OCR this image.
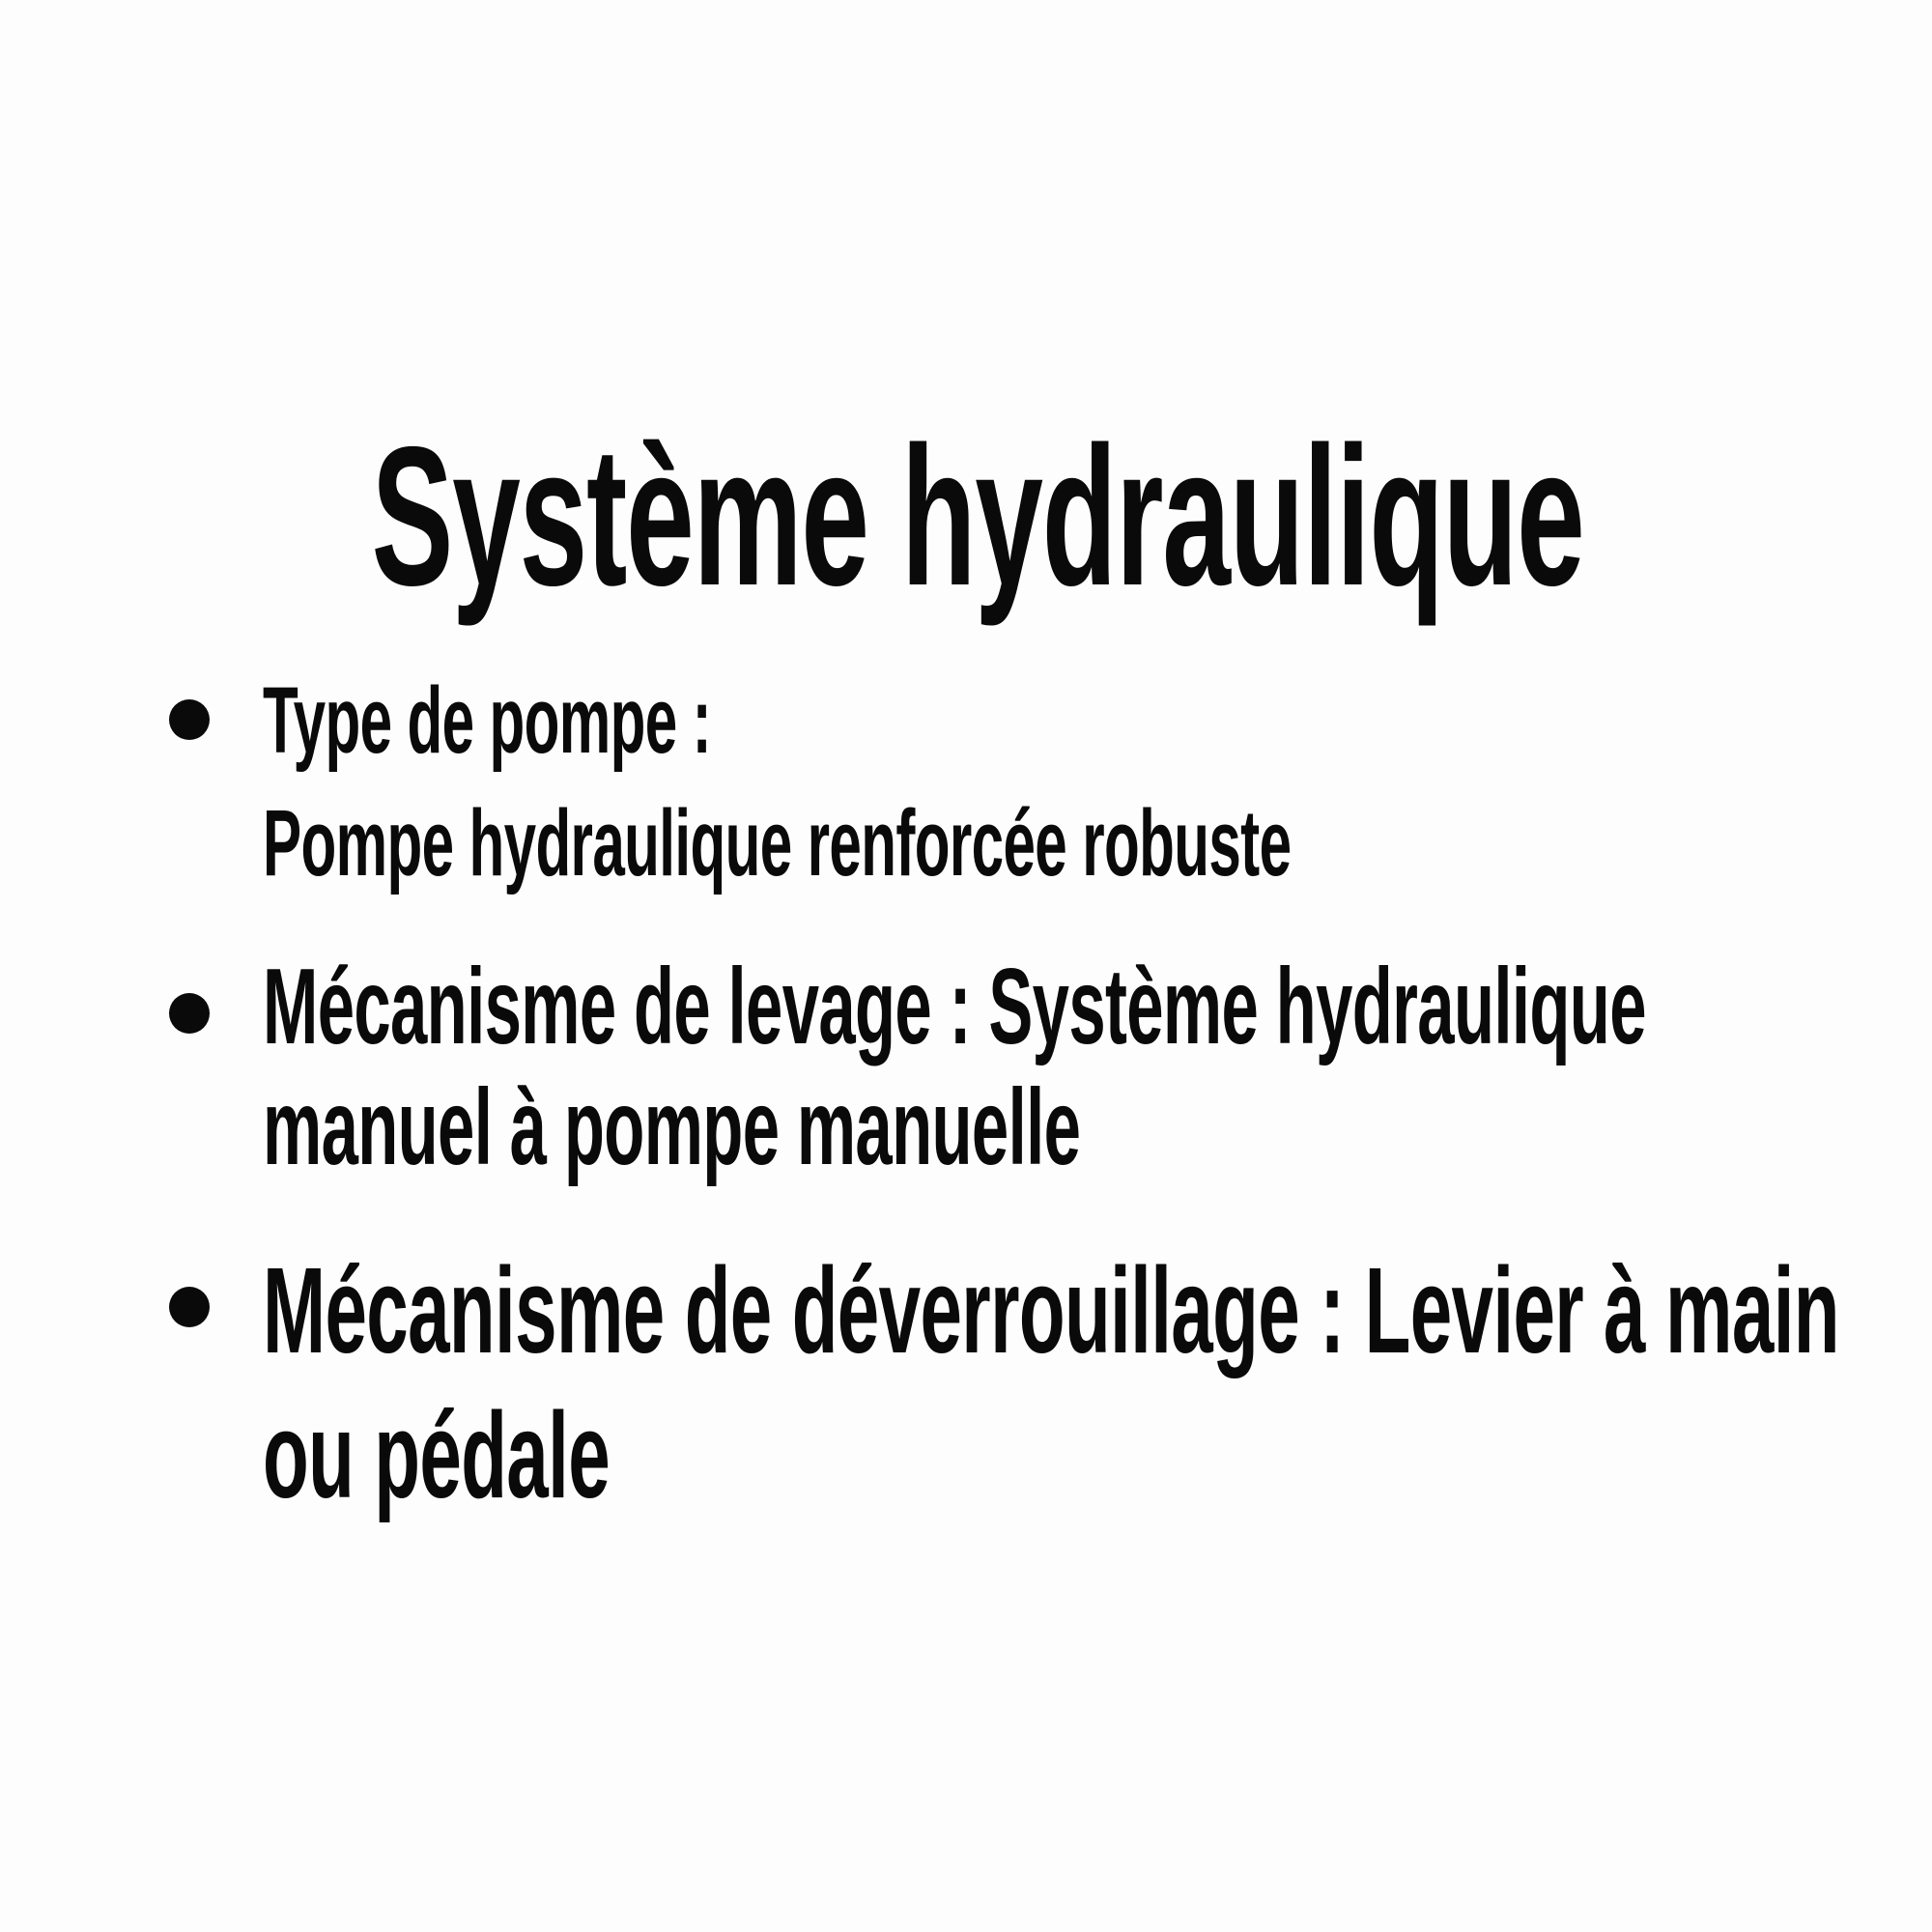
Système hydraulique
Type de pompe :
Pompe hydraulique renforcée robuste
Mécanisme de levage : Système hydraulique
manuel à pompe manuelle
Mécanisme de déverrouillage : Levier à main
ou pédale
